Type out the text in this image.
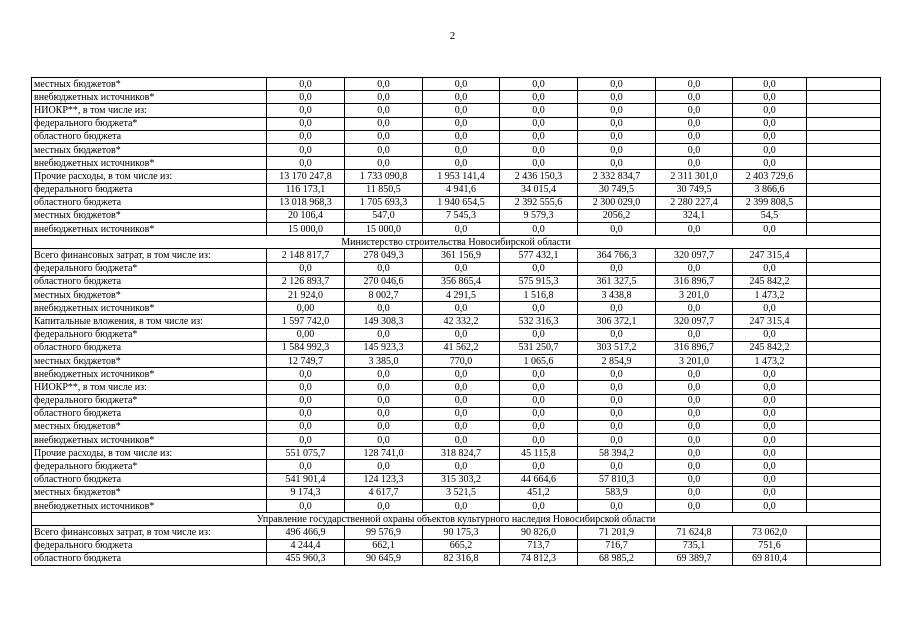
2
местных бюджетов*	0,0	0,0	0,0	0,0	0,0	0,0	0,0	
внебюджетных источников*	0,0	0,0	0,0	0,0	0,0	0,0	0,0	
НИОКР**, в том числе из:	0,0	0,0	0,0	0,0	0,0	0,0	0,0	
федерального бюджета*	0,0	0,0	0,0	0,0	0,0	0,0	0,0	
областного бюджета	0,0	0,0	0,0	0,0	0,0	0,0	0,0	
местных бюджетов*	0,0	0,0	0,0	0,0	0,0	0,0	0,0	
внебюджетных источников*	0,0	0,0	0,0	0,0	0,0	0,0	0,0	
Прочие расходы, в том числе из:	13 170 247,8	1 733 090,8	1 953 141,4	2 436 150,3	2 332 834,7	2 311 301,0	2 403 729,6	
федерального бюджета	116 173,1	11 850,5	4 941,6	34 015,4	30 749,5	30 749,5	3 866,6	
областного бюджета	13 018 968,3	1 705 693,3	1 940 654,5	2 392 555,6	2 300 029,0	2 280 227,4	2 399 808,5	
местных бюджетов*	20 106,4	547,0	7 545,3	9 579,3	2056,2	324,1	54,5	
внебюджетных источников*	15 000,0	15 000,0	0,0	0,0	0,0	0,0	0,0	
Министерство строительства Новосибирской области								
Всего финансовых затрат, в том числе из:	2 148 817,7	278 049,3	361 156,9	577 432,1	364 766,3	320 097,7	247 315,4	
федерального бюджета*	0,0	0,0	0,0	0,0	0,0	0,0	0,0	
областного бюджета	2 126 893,7	270 046,6	356 865,4	575 915,3	361 327,5	316 896,7	245 842,2	
местных бюджетов*	21 924,0	8 002,7	4 291,5	1 516,8	3 438,8	3 201,0	1 473,2	
внебюджетных источников*	0,00	0,0	0,0	0,0	0,0	0,0	0,0	
Капитальные вложения, в том числе из:	1 597 742,0	149 308,3	42 332,2	532 316,3	306 372,1	320 097,7	247 315,4	
федерального бюджета*	0,00	0,0	0,0	0,0	0,0	0,0	0,0	
областного бюджета	1 584 992,3	145 923,3	41 562,2	531 250,7	303 517,2	316 896,7	245 842,2	
местных бюджетов*	12 749,7	3 385,0	770,0	1 065,6	2 854,9	3 201,0	1 473,2	
внебюджетных источников*	0,0	0,0	0,0	0,0	0,0	0,0	0,0	
НИОКР**, в том числе из:	0,0	0,0	0,0	0,0	0,0	0,0	0,0	
федерального бюджета*	0,0	0,0	0,0	0,0	0,0	0,0	0,0	
областного бюджета	0,0	0,0	0,0	0,0	0,0	0,0	0,0	
местных бюджетов*	0,0	0,0	0,0	0,0	0,0	0,0	0,0	
внебюджетных источников*	0,0	0,0	0,0	0,0	0,0	0,0	0,0	
Прочие расходы, в том числе из:	551 075,7	128 741,0	318 824,7	45 115,8	58 394,2	0,0	0,0	
федерального бюджета*	0,0	0,0	0,0	0,0	0,0	0,0	0,0	
областного бюджета	541 901,4	124 123,3	315 303,2	44 664,6	57 810,3	0,0	0,0	
местных бюджетов*	9 174,3	4 617,7	3 521,5	451,2	583,9	0,0	0,0	
внебюджетных источников*	0,0	0,0	0,0	0,0	0,0	0,0	0,0	
Управление государственной охраны объектов культурного наследия Новосибирской области								
Всего финансовых затрат, в том числе из:	496 466,9	99 576,9	90 175,3	90 826,0	71 201,9	71 624,8	73 062,0	
федерального бюджета	4 244,4	662,1	665,2	713,7	716,7	735,1	751,6	
областного бюджета	455 960,3	90 645,9	82 316,8	74 812,3	68 985,2	69 389,7	69 810,4	
